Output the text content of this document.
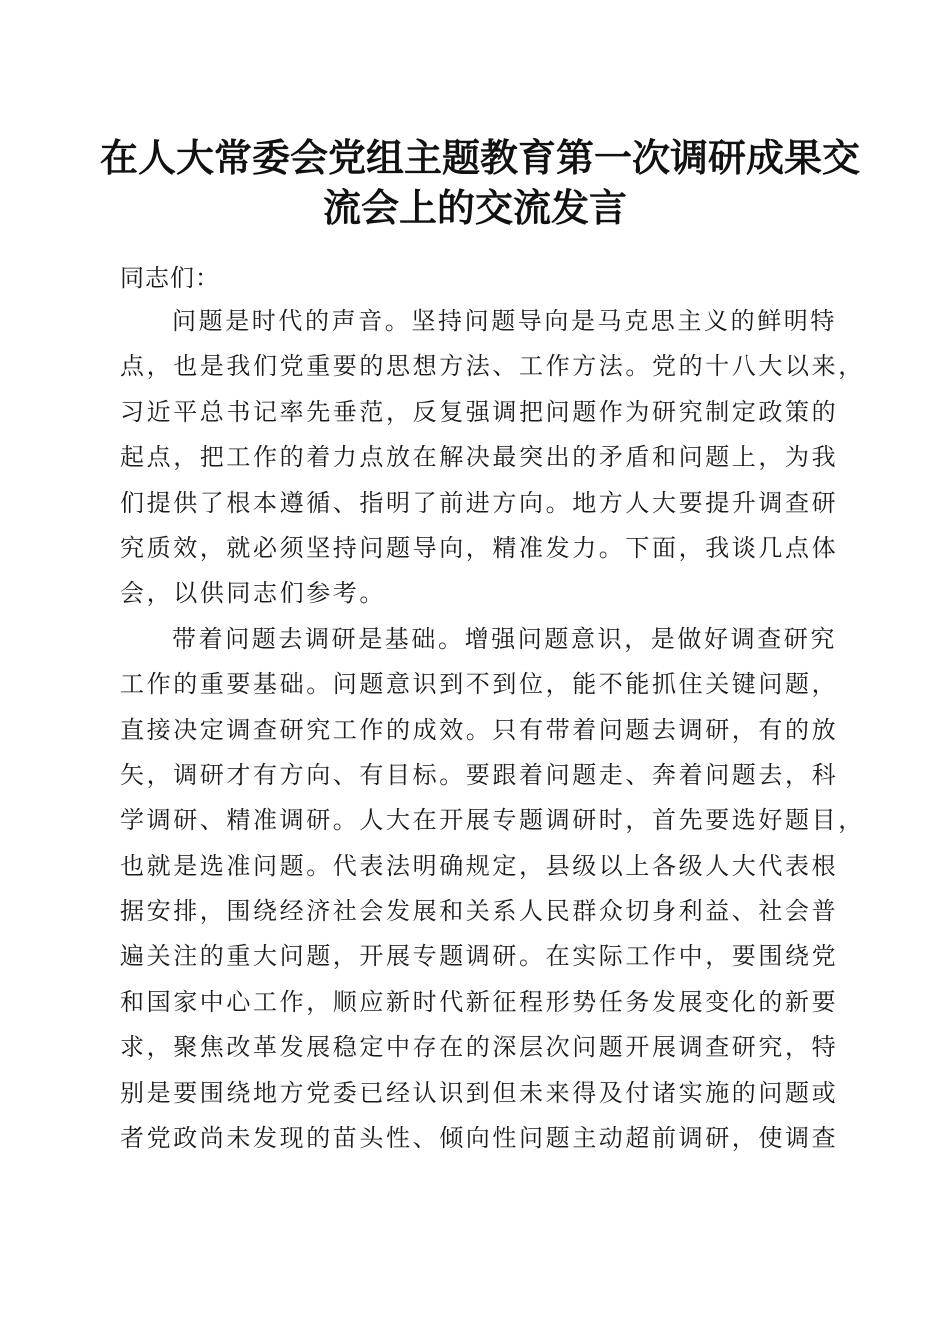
在人大常委会党组主题教育第一次调研成果交
流会上的交流发言
同志们：
问题是时代的声音。坚持问题导向是马克思主义的鲜明特
点，也是我们党重要的思想方法、工作方法。党的十八大以来，
习近平总书记率先垂范，反复强调把问题作为研究制定政策的
起点，把工作的着力点放在解决最突出的矛盾和问题上，为我
们提供了根本遵循、指明了前进方向。地方人大要提升调查研
究质效，就必须坚持问题导向，精准发力。下面，我谈几点体
会，以供同志们参考。
带着问题去调研是基础。增强问题意识，是做好调查研究
工作的重要基础。问题意识到不到位，能不能抓住关键问题，
直接决定调查研究工作的成效。只有带着问题去调研，有的放
矢，调研才有方向、有目标。要跟着问题走、奔着问题去，科
学调研、精准调研。人大在开展专题调研时，首先要选好题目，
也就是选准问题。代表法明确规定，县级以上各级人大代表根
据安排，围绕经济社会发展和关系人民群众切身利益、社会普
遍关注的重大问题，开展专题调研。在实际工作中，要围绕党
和国家中心工作，顺应新时代新征程形势任务发展变化的新要
求，聚焦改革发展稳定中存在的深层次问题开展调查研究，特
别是要围绕地方党委已经认识到但未来得及付诸实施的问题或
者党政尚未发现的苗头性、倾向性问题主动超前调研，使调查
